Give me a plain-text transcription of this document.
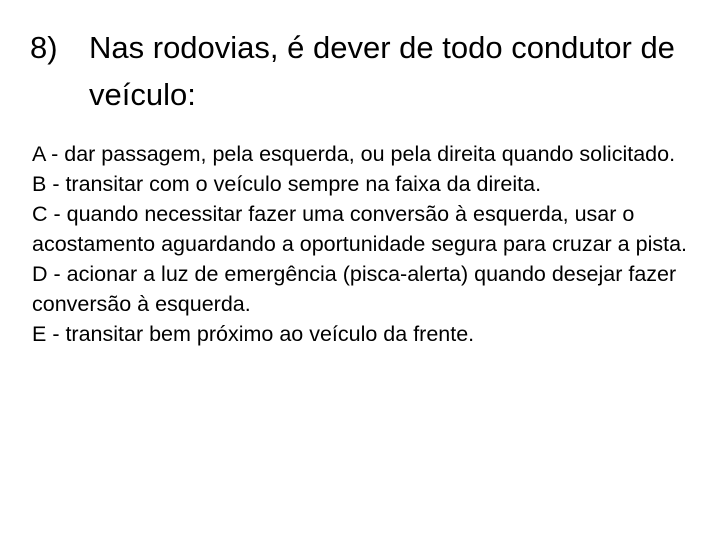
8)	Nas rodovias, é dever de todo condutor de veículo:

A - dar passagem, pela esquerda, ou pela direita quando solicitado.

B - transitar com o veículo sempre na faixa da direita.

C - quando necessitar fazer uma conversão à esquerda, usar o acostamento aguardando a oportunidade segura para cruzar a pista.

D - acionar a luz de emergência (pisca-alerta) quando desejar fazer conversão à esquerda.

E - transitar bem próximo ao veículo da frente.
